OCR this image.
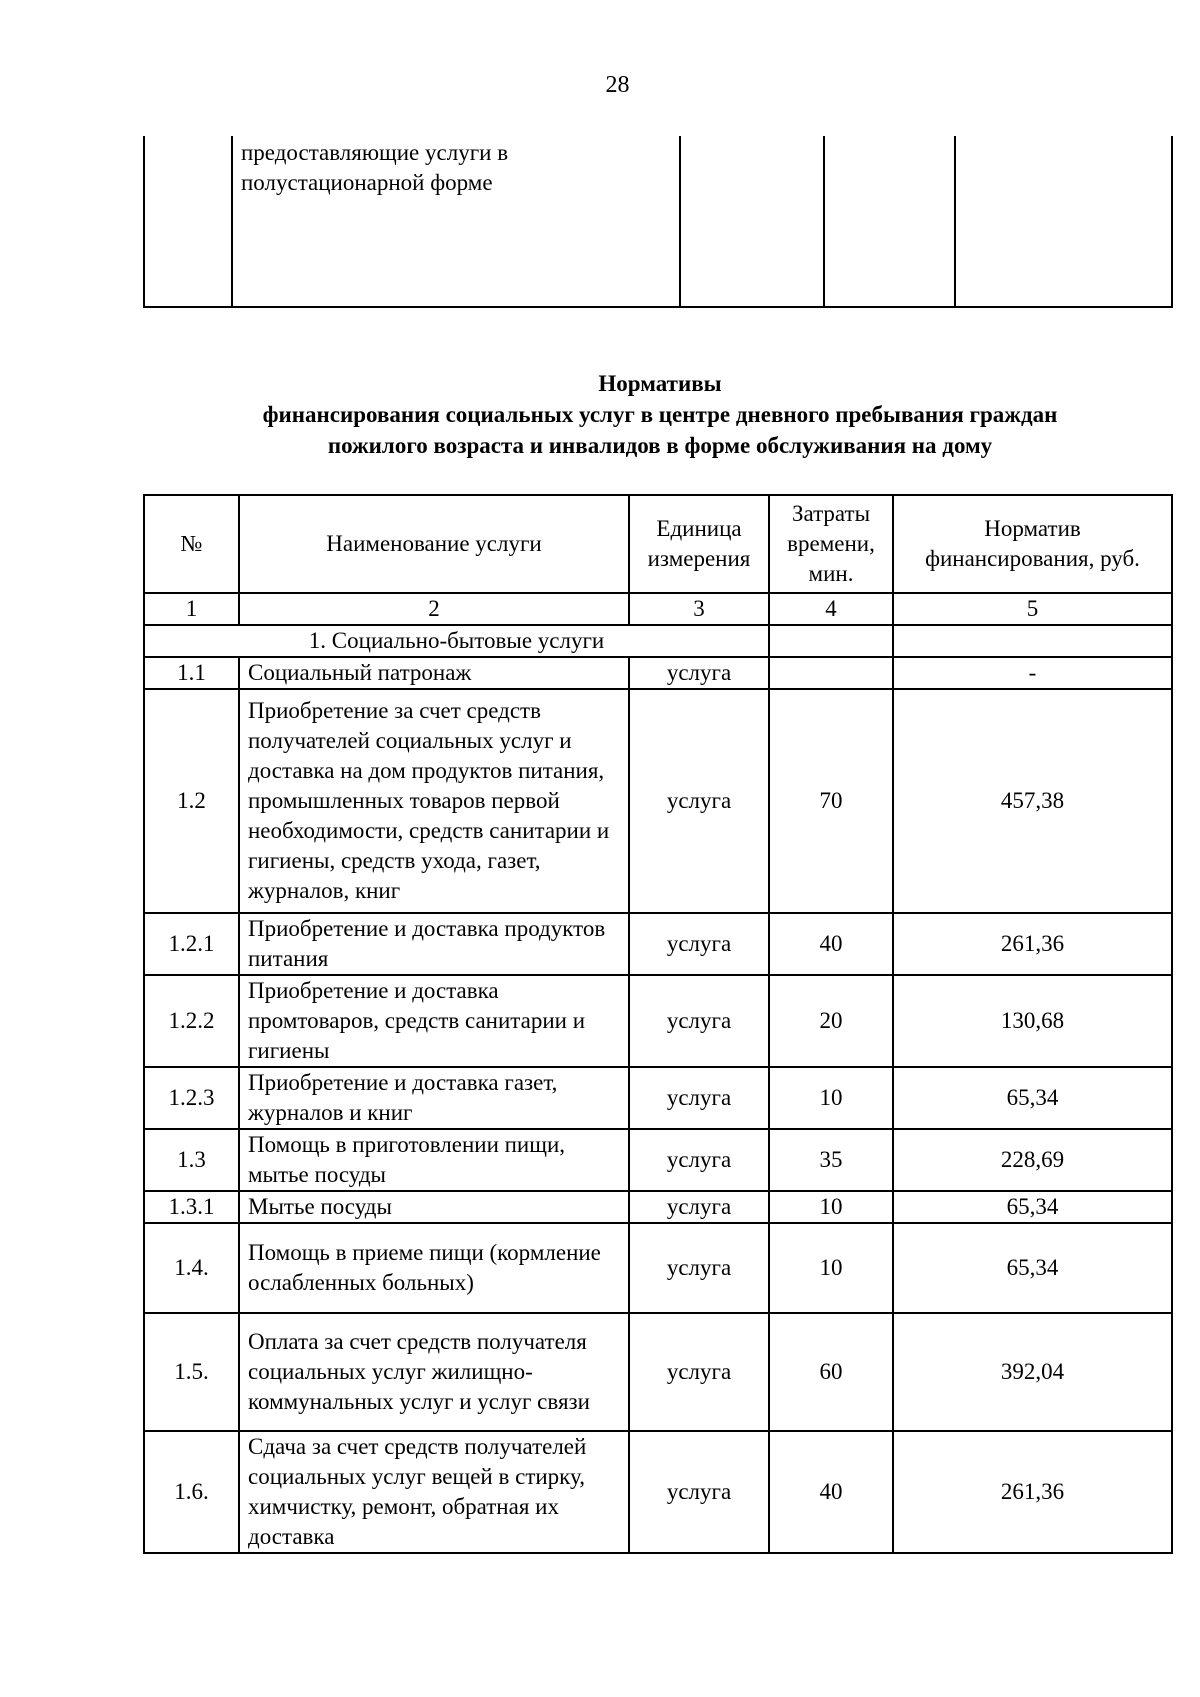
28
	предоставляющие услуги в полустационарной форме			
Нормативы
финансирования социальных услуг в центре дневного пребывания граждан
пожилого возраста и инвалидов в форме обслуживания на дому
№	Наименование услуги	Единица измерения	Затраты времени, мин.	Норматив финансирования, руб.
1	2	3	4	5
1. Социально-бытовые услуги				
1.1	Социальный патронаж	услуга		-
1.2	Приобретение за счет средств получателей социальных услуг и доставка на дом продуктов питания, промышленных товаров первой необходимости, средств санитарии и гигиены, средств ухода, газет, журналов, книг	услуга	70	457,38
1.2.1	Приобретение и доставка продуктов питания	услуга	40	261,36
1.2.2	Приобретение и доставка промтоваров, средств санитарии и гигиены	услуга	20	130,68
1.2.3	Приобретение и доставка газет, журналов и книг	услуга	10	65,34
1.3	Помощь в приготовлении пищи, мытье посуды	услуга	35	228,69
1.3.1	Мытье посуды	услуга	10	65,34
1.4.	Помощь в приеме пищи (кормление ослабленных больных)	услуга	10	65,34
1.5.	Оплата за счет средств получателя социальных услуг жилищно-коммунальных услуг и услуг связи	услуга	60	392,04
1.6.	Сдача за счет средств получателей социальных услуг вещей в стирку, химчистку, ремонт, обратная их доставка	услуга	40	261,36
